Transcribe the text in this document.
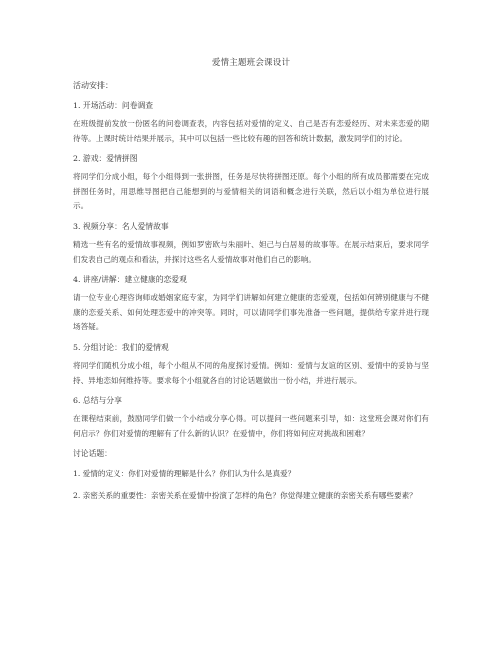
爱情主题班会课设计
活动安排：
1. 开场活动：问卷调查
在班级提前发放一份匿名的问卷调查表，内容包括对爱情的定义、自己是否有恋爱经历、对未来恋爱的期待等。上课时统计结果并展示，其中可以包括一些比较有趣的回答和统计数据，激发同学们的讨论。
2. 游戏：爱情拼图
将同学们分成小组，每个小组得到一张拼图，任务是尽快将拼图还原。每个小组的所有成员都需要在完成拼图任务时，用思维导图把自己能想到的与爱情相关的词语和概念进行关联，然后以小组为单位进行展示。
3. 视频分享：名人爱情故事
精选一些有名的爱情故事视频，例如罗密欧与朱丽叶、妲己与白居易的故事等。在展示结束后，要求同学们发表自己的观点和看法，并探讨这些名人爱情故事对他们自己的影响。
4. 讲座/讲解：建立健康的恋爱观
请一位专业心理咨询师或婚姻家庭专家，为同学们讲解如何建立健康的恋爱观，包括如何辨别健康与不健康的恋爱关系、如何处理恋爱中的冲突等。同时，可以请同学们事先准备一些问题，提供给专家并进行现场答疑。
5. 分组讨论：我们的爱情观
将同学们随机分成小组，每个小组从不同的角度探讨爱情。例如：爱情与友谊的区别、爱情中的妥协与坚持、异地恋如何维持等。要求每个小组就各自的讨论话题做出一份小结，并进行展示。
6. 总结与分享
在课程结束前，鼓励同学们做一个小结或分享心得。可以提问一些问题来引导，如：这堂班会课对你们有何启示？你们对爱情的理解有了什么新的认识？在爱情中，你们将如何应对挑战和困难？
讨论话题：
1. 爱情的定义：你们对爱情的理解是什么？你们认为什么是真爱？
2. 亲密关系的重要性：亲密关系在爱情中扮演了怎样的角色？你觉得建立健康的亲密关系有哪些要素？
